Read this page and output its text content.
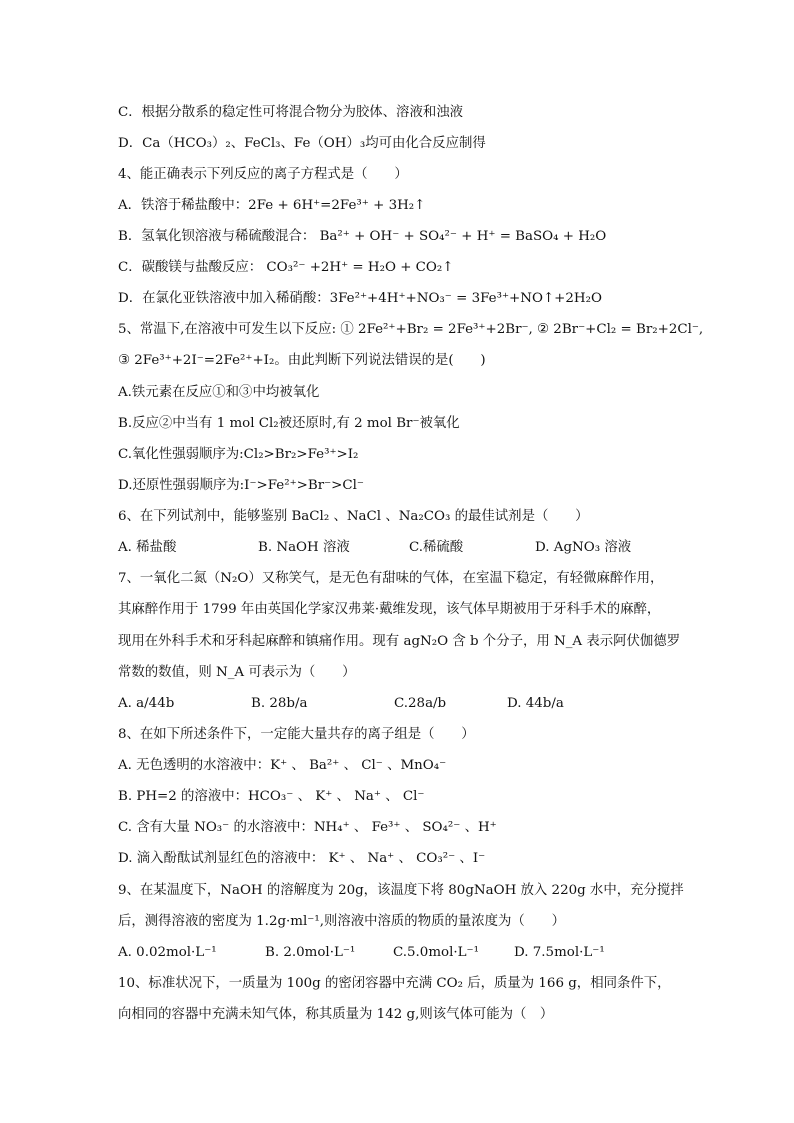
C．根据分散系的稳定性可将混合物分为胶体、溶液和浊液
D．Ca（HCO₃）₂、FeCl₃、Fe（OH）₃均可由化合反应制得
4、能正确表示下列反应的离子方程式是（　　）
A．铁溶于稀盐酸中：2Fe + 6H⁺=2Fe³⁺ + 3H₂↑
B．氢氧化钡溶液与稀硫酸混合： Ba²⁺ + OH⁻ + SO₄²⁻ + H⁺ = BaSO₄ + H₂O
C．碳酸镁与盐酸反应： CO₃²⁻ +2H⁺ = H₂O + CO₂↑
D．在氯化亚铁溶液中加入稀硝酸：3Fe²⁺+4H⁺+NO₃⁻ = 3Fe³⁺+NO↑+2H₂O
5、常温下,在溶液中可发生以下反应: ① 2Fe²⁺+Br₂ = 2Fe³⁺+2Br⁻, ② 2Br⁻+Cl₂ = Br₂+2Cl⁻,
③ 2Fe³⁺+2I⁻=2Fe²⁺+I₂。由此判断下列说法错误的是(　　)
A.铁元素在反应①和③中均被氧化
B.反应②中当有 1 mol Cl₂被还原时,有 2 mol Br⁻被氧化
C.氧化性强弱顺序为:Cl₂>Br₂>Fe³⁺>I₂
D.还原性强弱顺序为:I⁻>Fe²⁺>Br⁻>Cl⁻
6、在下列试剂中，能够鉴别 BaCl₂ 、NaCl 、Na₂CO₃ 的最佳试剂是（　　）
A. 稀盐酸	B. NaOH 溶液	C.稀硫酸	D. AgNO₃ 溶液
7、一氧化二氮（N₂O）又称笑气，是无色有甜味的气体，在室温下稳定，有轻微麻醉作用，
其麻醉作用于 1799 年由英国化学家汉弗莱·戴维发现，该气体早期被用于牙科手术的麻醉，
现用在外科手术和牙科起麻醉和镇痛作用。现有 agN₂O 含 b 个分子，用 N_A 表示阿伏伽德罗
常数的数值，则 N_A 可表示为（　　）
A. a/44b	B. 28b/a	C.28a/b	D. 44b/a
8、在如下所述条件下，一定能大量共存的离子组是（　　）
A. 无色透明的水溶液中：K⁺ 、 Ba²⁺ 、 Cl⁻ 、MnO₄⁻
B. PH=2 的溶液中：HCO₃⁻ 、 K⁺ 、 Na⁺ 、 Cl⁻
C. 含有大量 NO₃⁻ 的水溶液中：NH₄⁺ 、 Fe³⁺ 、 SO₄²⁻ 、H⁺
D. 滴入酚酞试剂显红色的溶液中： K⁺ 、 Na⁺ 、 CO₃²⁻ 、I⁻
9、在某温度下，NaOH 的溶解度为 20g，该温度下将 80gNaOH 放入 220g 水中，充分搅拌
后，测得溶液的密度为 1.2g·ml⁻¹,则溶液中溶质的物质的量浓度为（　　）
A. 0.02mol·L⁻¹	B. 2.0mol·L⁻¹	C.5.0mol·L⁻¹	D. 7.5mol·L⁻¹
10、标准状况下，一质量为 100g 的密闭容器中充满 CO₂ 后，质量为 166 g，相同条件下，
向相同的容器中充满未知气体，称其质量为 142 g,则该气体可能为（　）
